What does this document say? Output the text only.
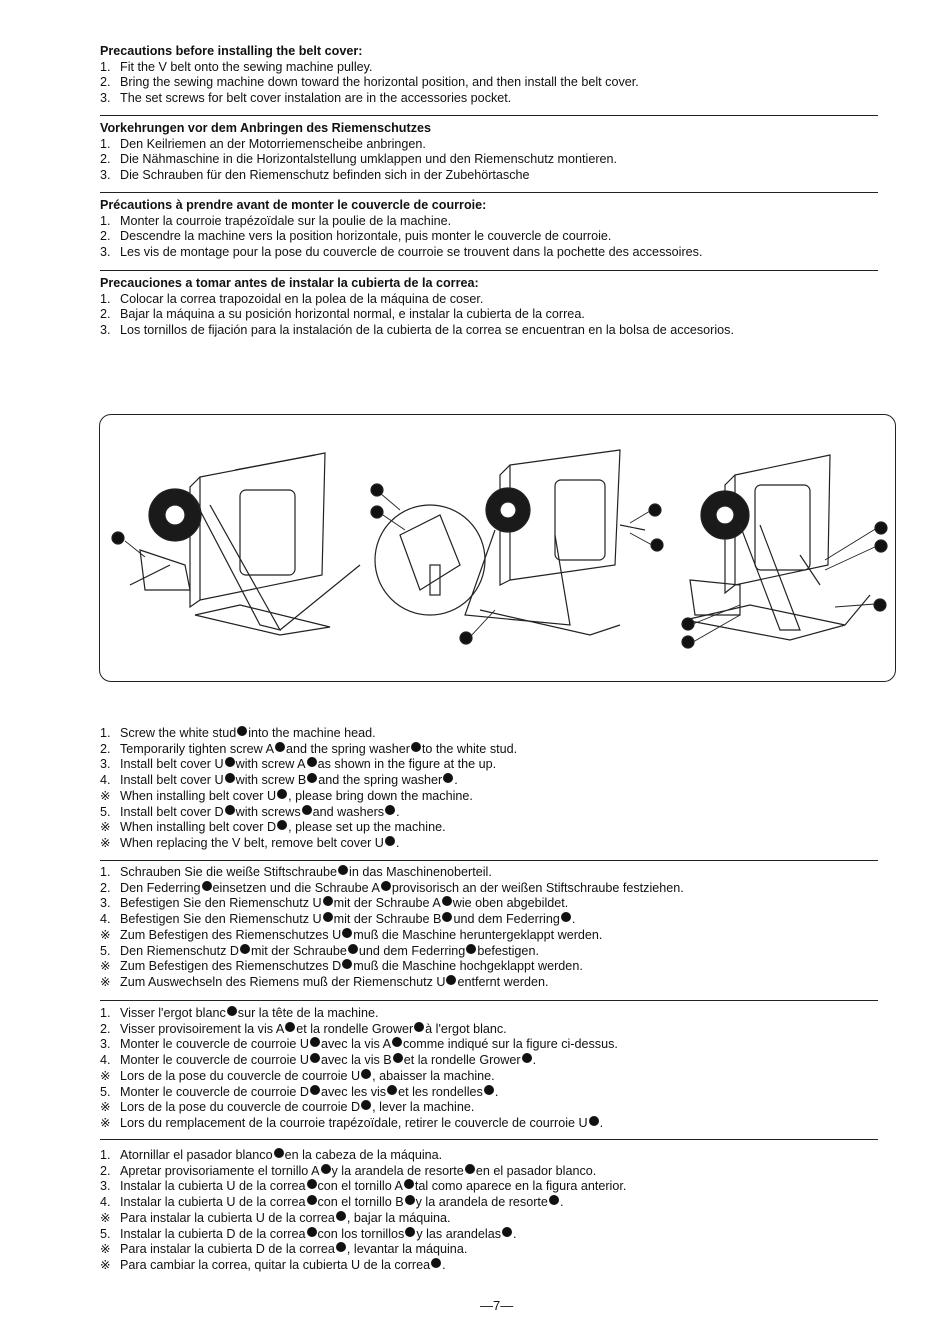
Precautions before installing the belt cover:
1. Fit the V belt onto the sewing machine pulley.
2. Bring the sewing machine down toward the horizontal position, and then install the belt cover.
3. The set screws for belt cover instalation are in the accessories pocket.
Vorkehrungen vor dem Anbringen des Riemenschutzes
1. Den Keilriemen an der Motorriemenscheibe anbringen.
2. Die Nähmaschine in die Horizontalstellung umklappen und den Riemenschutz montieren.
3. Die Schrauben für den Riemenschutz befinden sich in der Zubehörtasche
Précautions à prendre avant de monter le couvercle de courroie:
1. Monter la courroie trapézoïdale sur la poulie de la machine.
2. Descendre la machine vers la position horizontale, puis monter le couvercle de courroie.
3. Les vis de montage pour la pose du couvercle de courroie se trouvent dans la pochette des accessoires.
Precauciones a tomar antes de instalar la cubierta de la correa:
1. Colocar la correa trapozoidal en la polea de la máquina de coser.
2. Bajar la máquina a su posición horizontal normal, e instalar la cubierta de la correa.
3. Los tornillos de fijación para la instalación de la cubierta de la correa se encuentran en la bolsa de accesorios.
1. Screw the white stud into the machine head.
2. Temporarily tighten screw A and the spring washer to the white stud.
3. Install belt cover U with screw A as shown in the figure at the up.
4. Install belt cover U with screw B and the spring washer .
※ When installing belt cover U , please bring down the machine.
5. Install belt cover D with screws and washers .
※ When installing belt cover D , please set up the machine.
※ When replacing the V belt, remove belt cover U .
1. Schrauben Sie die weiße Stiftschraube in das Maschinenoberteil.
2. Den Federring einsetzen und die Schraube A provisorisch an der weißen Stiftschraube festziehen.
3. Befestigen Sie den Riemenschutz U mit der Schraube A wie oben abgebildet.
4. Befestigen Sie den Riemenschutz U mit der Schraube B und dem Federring .
※ Zum Befestigen des Riemenschutzes U muß die Maschine heruntergeklappt werden.
5. Den Riemenschutz D mit der Schraube und dem Federring befestigen.
※ Zum Befestigen des Riemenschutzes D muß die Maschine hochgeklappt werden.
※ Zum Auswechseln des Riemens muß der Riemenschutz U entfernt werden.
1. Visser l'ergot blanc sur la tête de la machine.
2. Visser provisoirement la vis A et la rondelle Grower à l'ergot blanc.
3. Monter le couvercle de courroie U avec la vis A comme indiqué sur la figure ci-dessus.
4. Monter le couvercle de courroie U avec la vis B et la rondelle Grower .
※ Lors de la pose du couvercle de courroie U , abaisser la machine.
5. Monter le couvercle de courroie D avec les vis et les rondelles .
※ Lors de la pose du couvercle de courroie D , lever la machine.
※ Lors du remplacement de la courroie trapézoïdale, retirer le couvercle de courroie U .
1. Atornillar el pasador blanco en la cabeza de la máquina.
2. Apretar provisoriamente el tornillo A y la arandela de resorte en el pasador blanco.
3. Instalar la cubierta U de la correa con el tornillo A tal como aparece en la figura anterior.
4. Instalar la cubierta U de la correa con el tornillo B y la arandela de resorte .
※ Para instalar la cubierta U de la correa , bajar la máquina.
5. Instalar la cubierta D de la correa con los tornillos y las arandelas .
※ Para instalar la cubierta D de la correa , levantar la máquina.
※ Para cambiar la correa, quitar la cubierta U de la correa .
—7—
